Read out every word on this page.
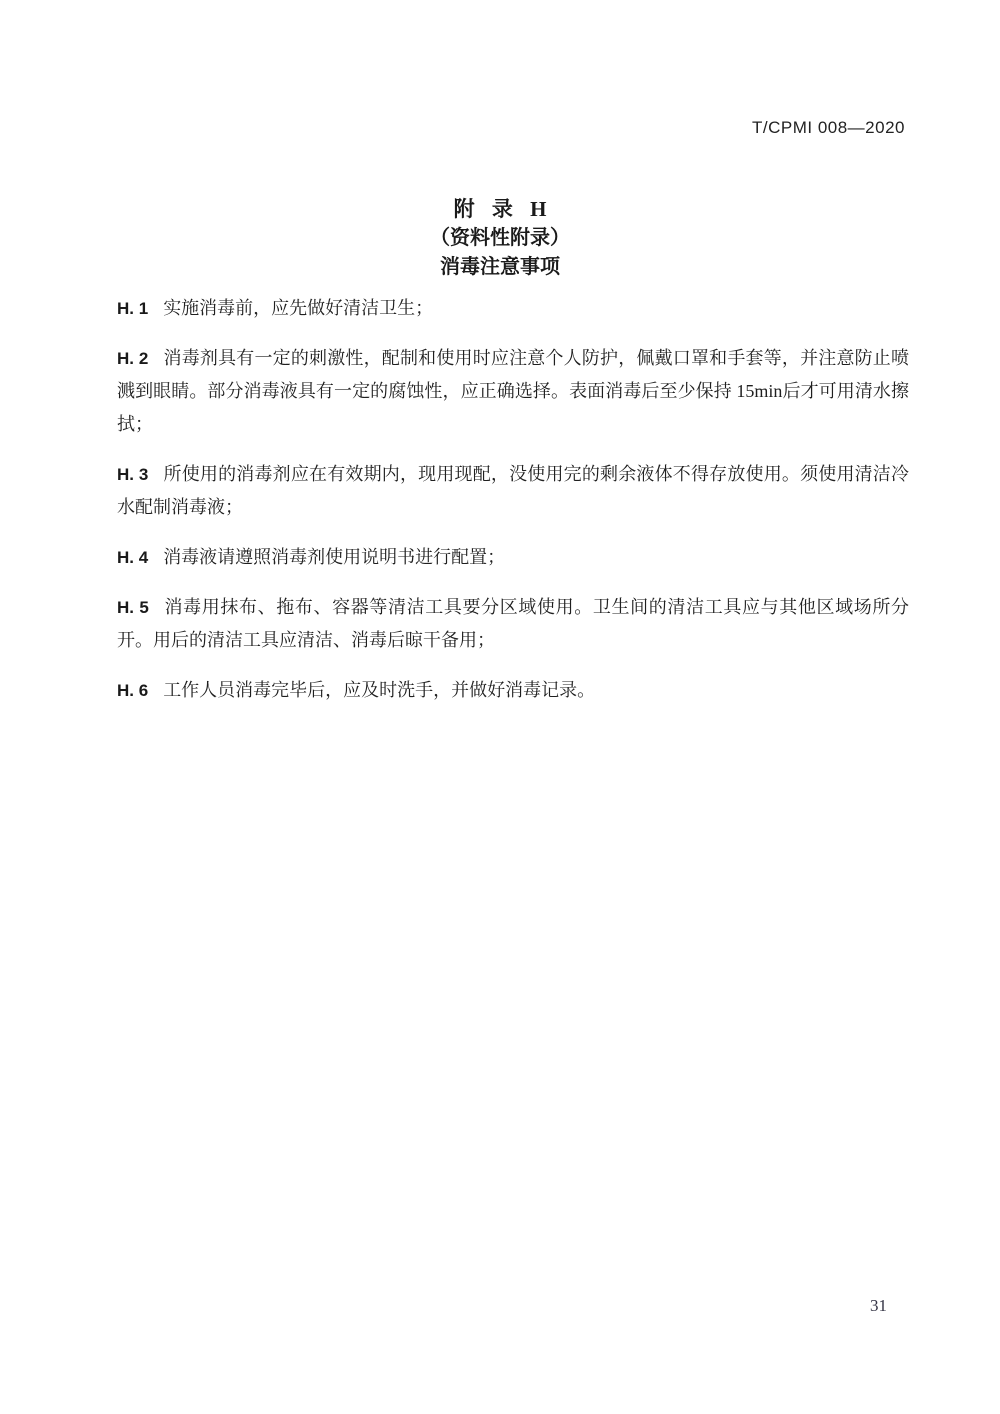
T/CPMI 008—2020
附 录 H
（资料性附录）
消毒注意事项

H. 1 实施消毒前，应先做好清洁卫生；

H. 2 消毒剂具有一定的刺激性，配制和使用时应注意个人防护，佩戴口罩和手套等，并注意防止喷溅到眼睛。部分消毒液具有一定的腐蚀性，应正确选择。表面消毒后至少保持 15min后才可用清水擦拭；

H. 3 所使用的消毒剂应在有效期内，现用现配，没使用完的剩余液体不得存放使用。须使用清洁冷水配制消毒液；

H. 4 消毒液请遵照消毒剂使用说明书进行配置；

H. 5 消毒用抹布、拖布、容器等清洁工具要分区域使用。卫生间的清洁工具应与其他区域场所分开。用后的清洁工具应清洁、消毒后晾干备用；

H. 6 工作人员消毒完毕后，应及时洗手，并做好消毒记录。

31
